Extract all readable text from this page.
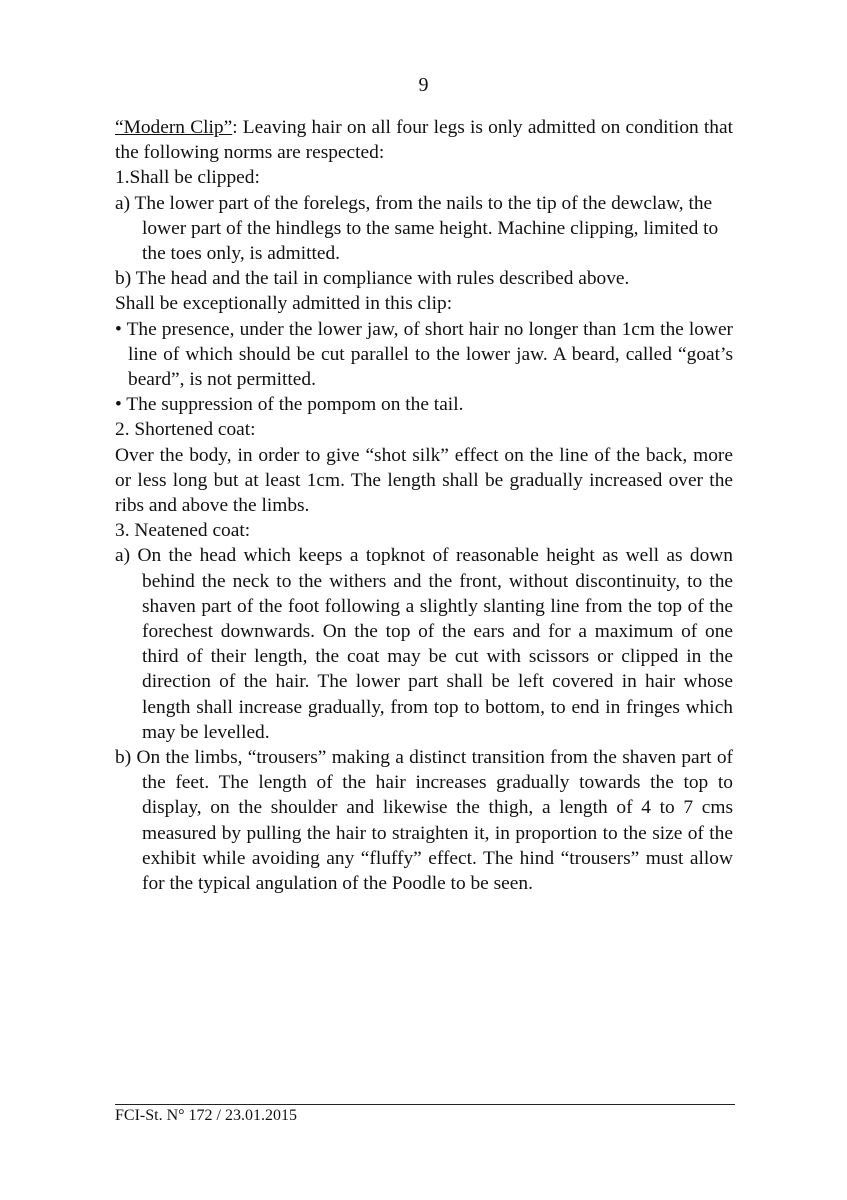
9

“Modern Clip”: Leaving hair on all four legs is only admitted on condition that the following norms are respected:

1.Shall be clipped:

a) The lower part of the forelegs, from the nails to the tip of the dewclaw, the lower part of the hindlegs to the same height. Machine clipping, limited to the toes only, is admitted.

b) The head and the tail in compliance with rules described above.

Shall be exceptionally admitted in this clip:

• The presence, under the lower jaw, of short hair no longer than 1cm the lower line of which should be cut parallel to the lower jaw. A beard, called “goat’s beard”, is not permitted.

• The suppression of the pompom on the tail.

2. Shortened coat:

Over the body, in order to give “shot silk” effect on the line of the back, more or less long but at least 1cm. The length shall be gradually increased over the ribs and above the limbs.

3. Neatened coat:

a) On the head which keeps a topknot of reasonable height as well as down behind the neck to the withers and the front, without discontinuity, to the shaven part of the foot following a slightly slanting line from the top of the forechest downwards. On the top of the ears and for a maximum of one third of their length, the coat may be cut with scissors or clipped in the direction of the hair. The lower part shall be left covered in hair whose length shall increase gradually, from top to bottom, to end in fringes which may be levelled.

b) On the limbs, “trousers” making a distinct transition from the shaven part of the feet. The length of the hair increases gradually towards the top to display, on the shoulder and likewise the thigh, a length of 4 to 7 cms measured by pulling the hair to straighten it, in proportion to the size of the exhibit while avoiding any “fluffy” effect. The hind “trousers” must allow for the typical angulation of the Poodle to be seen.

FCI-St. N° 172 / 23.01.2015
